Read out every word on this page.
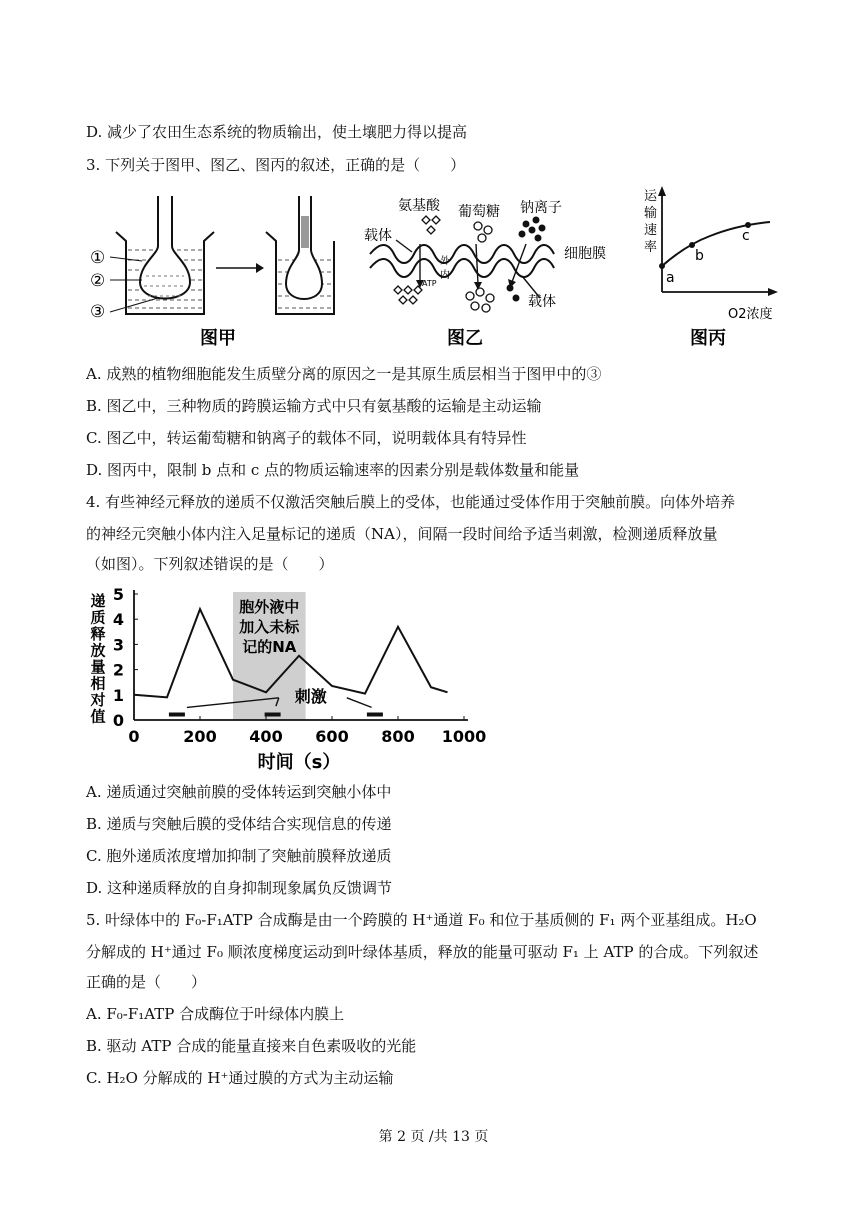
D. 减少了农田生态系统的物质输出，使土壤肥力得以提高
3. 下列关于图甲、图乙、图丙的叙述，正确的是（　　）
①
②
③
图甲
氨基酸 葡萄糖 钠离子
载体
细胞膜
载体
ATP
外
内
图乙
运
输
速
率
a
b
c
O2浓度
图丙
A. 成熟的植物细胞能发生质壁分离的原因之一是其原生质层相当于图甲中的③
B. 图乙中，三种物质的跨膜运输方式中只有氨基酸的运输是主动运输
C. 图乙中，转运葡萄糖和钠离子的载体不同，说明载体具有特异性
D. 图丙中，限制 b 点和 c 点的物质运输速率的因素分别是载体数量和能量
4. 有些神经元释放的递质不仅激活突触后膜上的受体，也能通过受体作用于突触前膜。向体外培养
的神经元突触小体内注入足量标记的递质（NA），间隔一段时间给予适当刺激，检测递质释放量
（如图）。下列叙述错误的是（　　）
胞外液中
加入未标
记的NA
0
1
2
3
4
5
0	200 400 600 800 1000
刺激
时间（s）
递
质
释
放
量
相
对
值
A. 递质通过突触前膜的受体转运到突触小体中
B. 递质与突触后膜的受体结合实现信息的传递
C. 胞外递质浓度增加抑制了突触前膜释放递质
D. 这种递质释放的自身抑制现象属负反馈调节
5. 叶绿体中的 F₀-F₁ATP 合成酶是由一个跨膜的 H⁺通道 F₀ 和位于基质侧的 F₁ 两个亚基组成。H₂O
分解成的 H⁺通过 F₀ 顺浓度梯度运动到叶绿体基质，释放的能量可驱动 F₁ 上 ATP 的合成。下列叙述
正确的是（　　）
A. F₀-F₁ATP 合成酶位于叶绿体内膜上
B. 驱动 ATP 合成的能量直接来自色素吸收的光能
C. H₂O 分解成的 H⁺通过膜的方式为主动运输
第 2 页 /共 13 页
